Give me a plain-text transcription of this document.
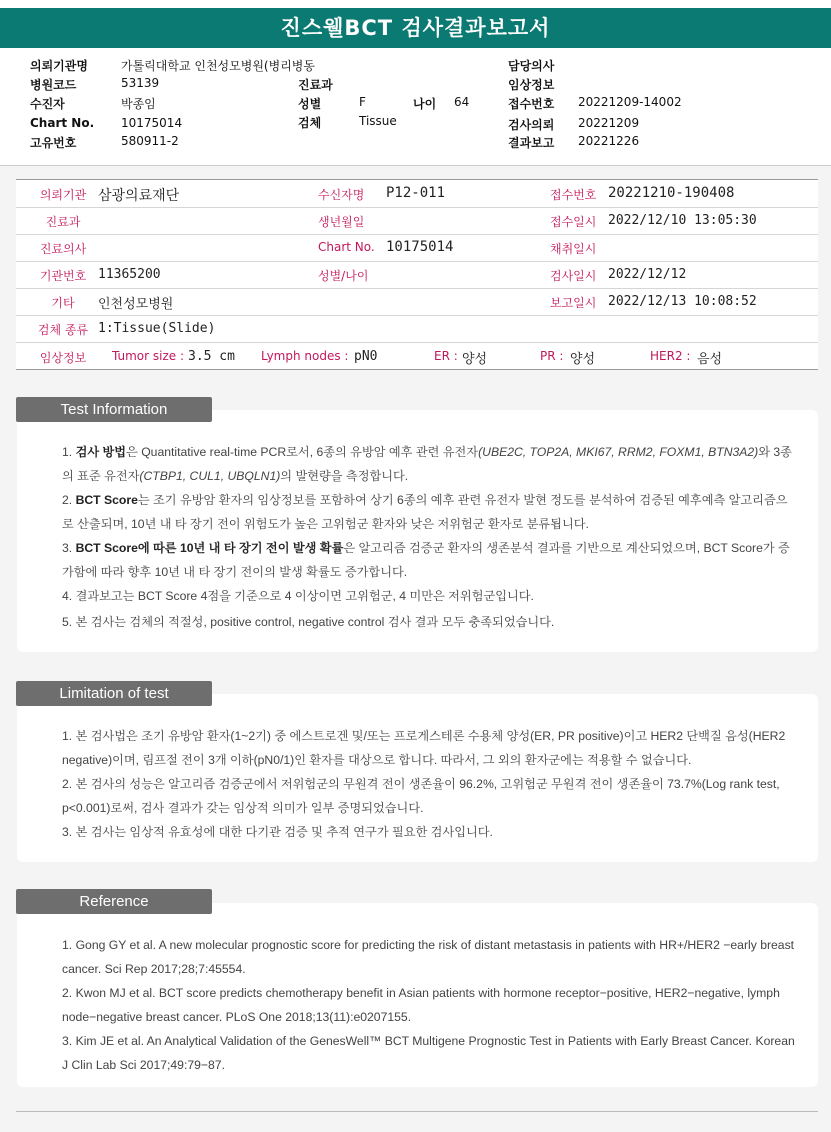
진스웰BCT 검사결과보고서
의뢰기관명	가톨릭대학교 인천성모병원(병리병동
병원코드	53139
수진자	박종임
Chart No. 10175014
고유번호	580911-2
진료과
성별	F	나이 64
검체	Tissue
담당의사
임상정보
접수번호 20221209-14002
검사의뢰 20221209
결과보고 20221226
의뢰기관 삼광의료재단	수신자명 P12-011	접수번호 20221210-190408
진료과	생년월일	접수일시 2022/12/10 13:05:30
진료의사	Chart No. 10175014	채취일시
기관번호 11365200	성별/나이	검사일시 2022/12/12
기타	인천성모병원	보고일시 2022/12/13 10:08:52
검체 종류 1:Tissue(Slide)
임상정보	Tumor size : 3.5 cm Lymph nodes : pN0	ER : 양성	PR : 양성	HER2 : 음성
1. 검사 방법은 Quantitative real-time PCR로서, 6종의 유방암 예후 관련 유전자(UBE2C, TOP2A, MKI67, RRM2, FOXM1, BTN3A2)와 3종의 표준 유전자(CTBP1, CUL1, UBQLN1)의 발현량을 측정합니다.
2. BCT Score는 조기 유방암 환자의 임상정보를 포함하여 상기 6종의 예후 관련 유전자 발현 정도를 분석하여 검증된 예후예측 알고리즘으로 산출되며, 10년 내 타 장기 전이 위험도가 높은 고위험군 환자와 낮은 저위험군 환자로 분류됩니다.
3. BCT Score에 따른 10년 내 타 장기 전이 발생 확률은 알고리즘 검증군 환자의 생존분석 결과를 기반으로 계산되었으며, BCT Score가 증가함에 따라 향후 10년 내 타 장기 전이의 발생 확률도 증가합니다.
4. 결과보고는 BCT Score 4점을 기준으로 4 이상이면 고위험군, 4 미만은 저위험군입니다.
5. 본 검사는 검체의 적절성, positive control, negative control 검사 결과 모두 충족되었습니다.
Test Information
1. 본 검사법은 조기 유방암 환자(1~2기) 중 에스트로겐 및/또는 프로게스테론 수용체 양성(ER, PR positive)이고 HER2 단백질 음성(HER2 negative)이며, 림프절 전이 3개 이하(pN0/1)인 환자를 대상으로 합니다. 따라서, 그 외의 환자군에는 적용할 수 없습니다.
2. 본 검사의 성능은 알고리즘 검증군에서 저위험군의 무원격 전이 생존율이 96.2%, 고위험군 무원격 전이 생존율이 73.7%(Log rank test, p<0.001)로써, 검사 결과가 갖는 임상적 의미가 일부 증명되었습니다.
3. 본 검사는 임상적 유효성에 대한 다기관 검증 및 추적 연구가 필요한 검사입니다.
Limitation of test
1. Gong GY et al. A new molecular prognostic score for predicting the risk of distant metastasis in patients with HR+/HER2 −early breast cancer. Sci Rep 2017;28;7:45554.
2. Kwon MJ et al. BCT score predicts chemotherapy benefit in Asian patients with hormone receptor−positive, HER2−negative, lymph node−negative breast cancer. PLoS One 2018;13(11):e0207155.
3. Kim JE et al. An Analytical Validation of the GenesWell™ BCT Multigene Prognostic Test in Patients with Early Breast Cancer. Korean J Clin Lab Sci 2017;49:79−87.
Reference
